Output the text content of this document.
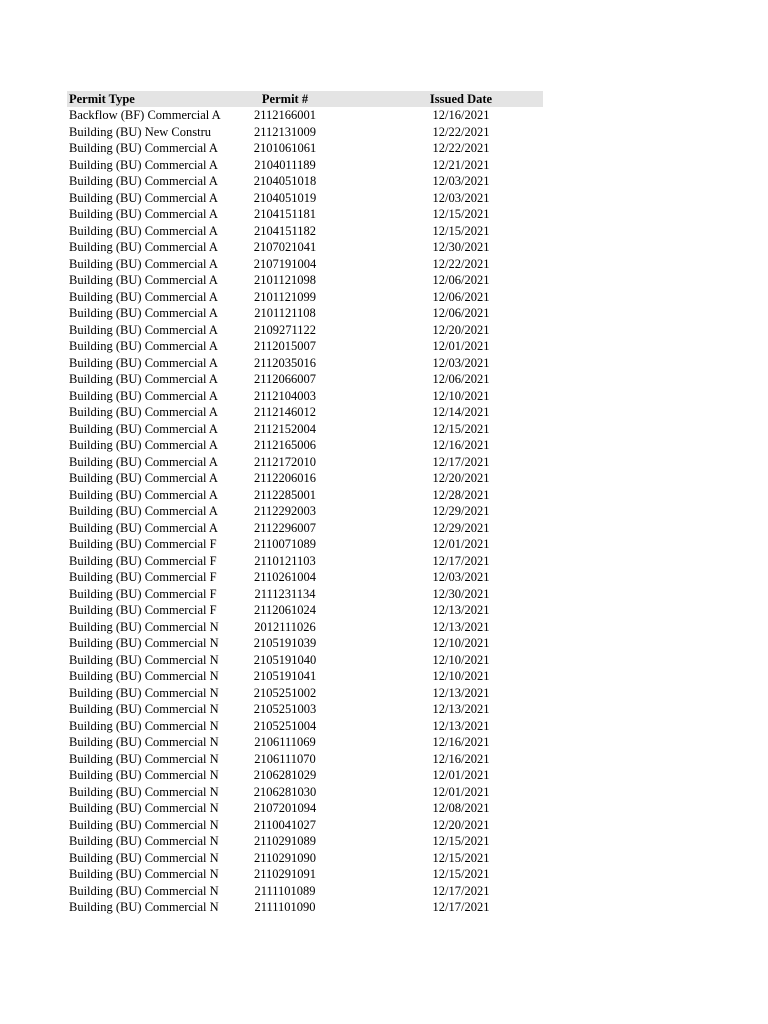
Permit Type	Permit #	Issued Date
Backflow (BF) Commercial A	2112166001	12/16/2021
Building (BU) New Constru	2112131009	12/22/2021
Building (BU) Commercial A	2101061061	12/22/2021
Building (BU) Commercial A	2104011189	12/21/2021
Building (BU) Commercial A	2104051018	12/03/2021
Building (BU) Commercial A	2104051019	12/03/2021
Building (BU) Commercial A	2104151181	12/15/2021
Building (BU) Commercial A	2104151182	12/15/2021
Building (BU) Commercial A	2107021041	12/30/2021
Building (BU) Commercial A	2107191004	12/22/2021
Building (BU) Commercial A	2101121098	12/06/2021
Building (BU) Commercial A	2101121099	12/06/2021
Building (BU) Commercial A	2101121108	12/06/2021
Building (BU) Commercial A	2109271122	12/20/2021
Building (BU) Commercial A	2112015007	12/01/2021
Building (BU) Commercial A	2112035016	12/03/2021
Building (BU) Commercial A	2112066007	12/06/2021
Building (BU) Commercial A	2112104003	12/10/2021
Building (BU) Commercial A	2112146012	12/14/2021
Building (BU) Commercial A	2112152004	12/15/2021
Building (BU) Commercial A	2112165006	12/16/2021
Building (BU) Commercial A	2112172010	12/17/2021
Building (BU) Commercial A	2112206016	12/20/2021
Building (BU) Commercial A	2112285001	12/28/2021
Building (BU) Commercial A	2112292003	12/29/2021
Building (BU) Commercial A	2112296007	12/29/2021
Building (BU) Commercial F	2110071089	12/01/2021
Building (BU) Commercial F	2110121103	12/17/2021
Building (BU) Commercial F	2110261004	12/03/2021
Building (BU) Commercial F	2111231134	12/30/2021
Building (BU) Commercial F	2112061024	12/13/2021
Building (BU) Commercial N	2012111026	12/13/2021
Building (BU) Commercial N	2105191039	12/10/2021
Building (BU) Commercial N	2105191040	12/10/2021
Building (BU) Commercial N	2105191041	12/10/2021
Building (BU) Commercial N	2105251002	12/13/2021
Building (BU) Commercial N	2105251003	12/13/2021
Building (BU) Commercial N	2105251004	12/13/2021
Building (BU) Commercial N	2106111069	12/16/2021
Building (BU) Commercial N	2106111070	12/16/2021
Building (BU) Commercial N	2106281029	12/01/2021
Building (BU) Commercial N	2106281030	12/01/2021
Building (BU) Commercial N	2107201094	12/08/2021
Building (BU) Commercial N	2110041027	12/20/2021
Building (BU) Commercial N	2110291089	12/15/2021
Building (BU) Commercial N	2110291090	12/15/2021
Building (BU) Commercial N	2110291091	12/15/2021
Building (BU) Commercial N	2111101089	12/17/2021
Building (BU) Commercial N	2111101090	12/17/2021
